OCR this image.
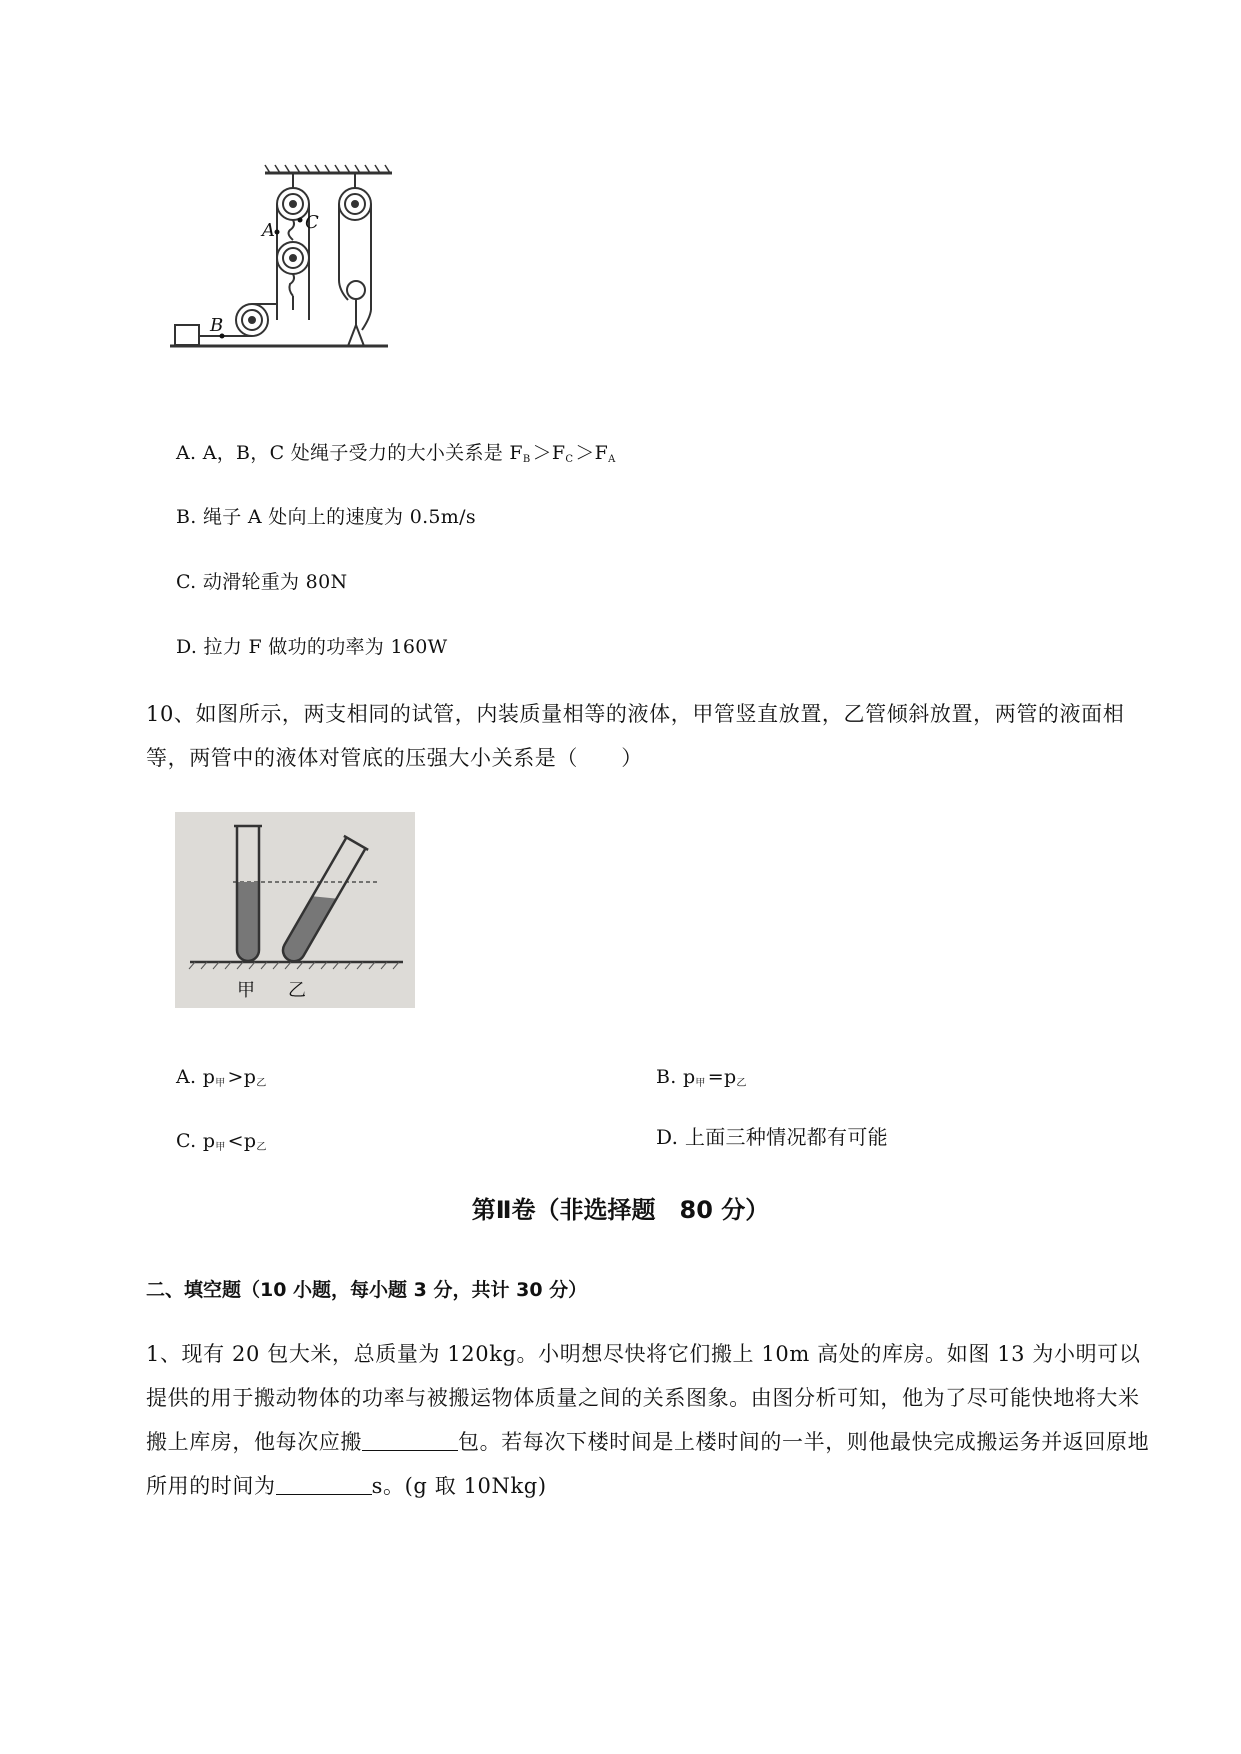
A C
B
A. A，B，C 处绳子受力的大小关系是 $F_B >F_C >F_A$
B. 绳子 A 处向上的速度为 0.5m/s
C. 动滑轮重为 80N
D. 拉力 F 做功的功率为 160W
10、如图所示，两支相同的试管，内装质量相等的液体，甲管竖直放置，乙管倾斜放置，两管的液面相等，两管中的液体对管底的压强大小关系是（　　）
甲 乙
A. $p_甲 >p_乙$	B. $p_甲 =p_乙$
C. $p_甲 <p_乙$	D. 上面三种情况都有可能
第Ⅱ卷（非选择题　80 分）
二、填空题（10 小题，每小题 3 分，共计 30 分）
1、现有 20 包大米，总质量为 120kg。小明想尽快将它们搬上 10m 高处的库房。如图 13 为小明可以提供的用于搬动物体的功率与被搬运物体质量之间的关系图象。由图分析可知，他为了尽可能快地将大米搬上库房，他每次应搬	包。若每次下楼时间是上楼时间的一半，则他最快完成搬运务并返回原地所用的时间为	s。(g 取 10Nkg)
